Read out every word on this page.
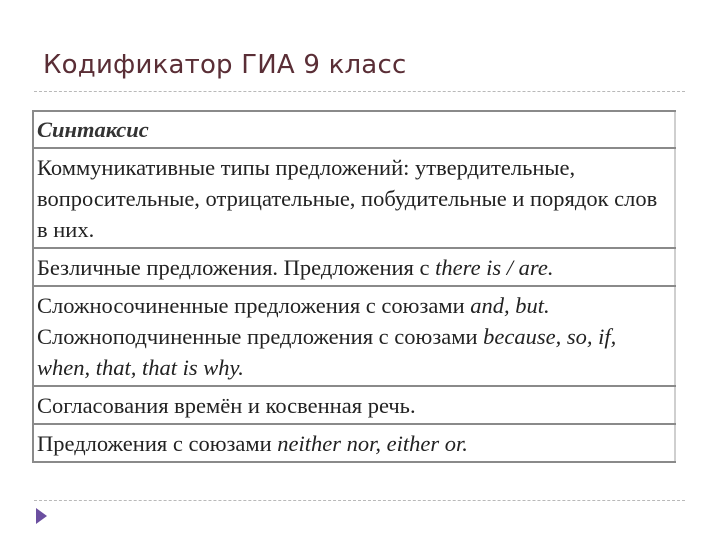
Кодификатор ГИА 9 класс
Синтаксис
Коммуникативные типы предложений: утвердительные, вопросительные, отрицательные, побудительные и порядок слов в них.
Безличные предложения. Предложения с there is / are.
Сложносочиненные предложения с союзами and, but.
Сложноподчиненные предложения с союзами because, so, if, when, that, that is why.
Согласования времён и косвенная речь.
Предложения с союзами neither nor, either or.
